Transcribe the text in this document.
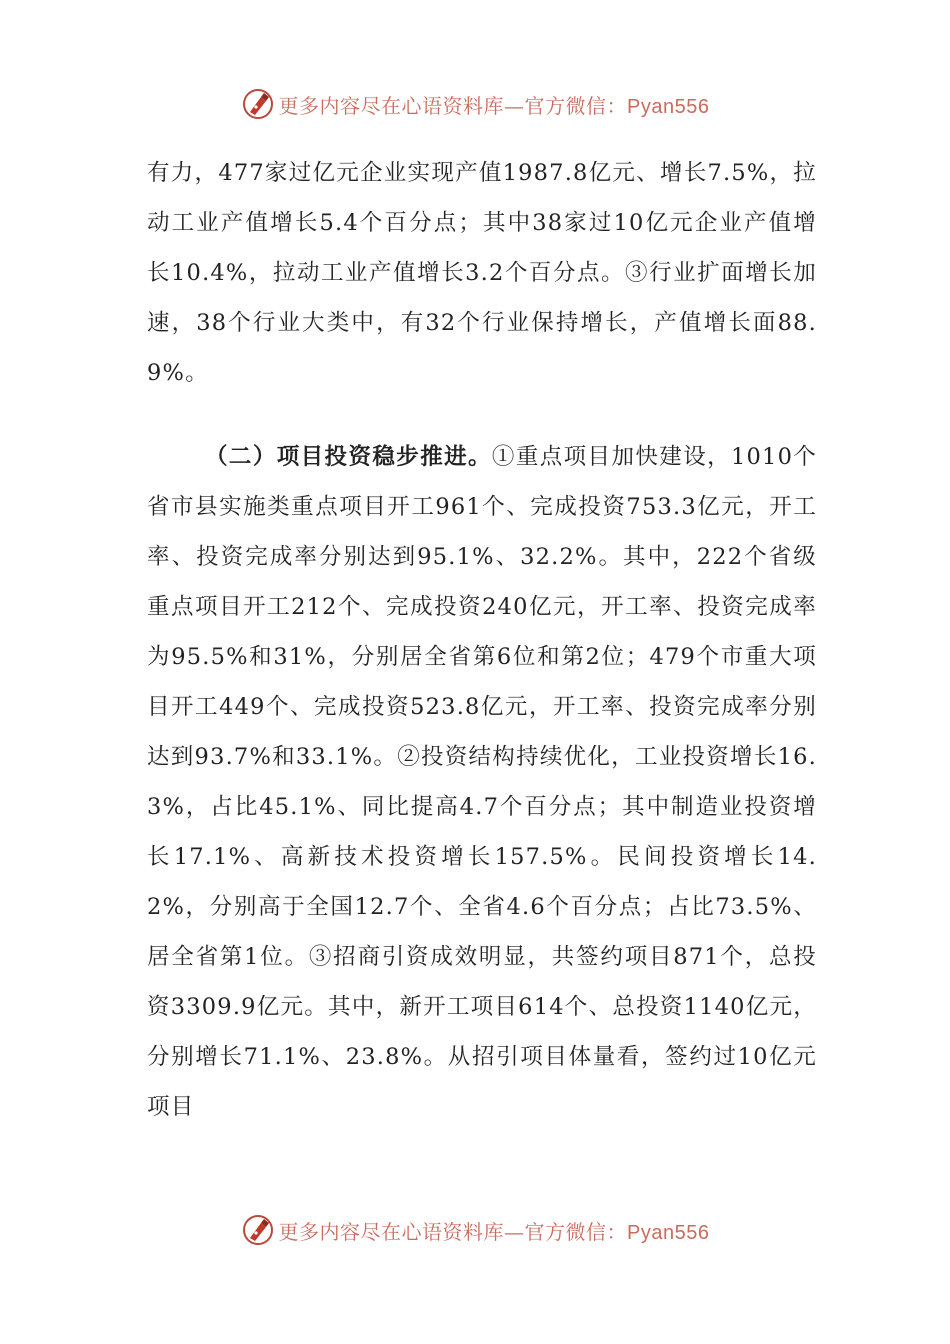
更多内容尽在心语资料库—官方微信：Pyan556

有力，477家过亿元企业实现产值1987.8亿元、增长7.5%，拉动工业产值增长5.4个百分点；其中38家过10亿元企业产值增长10.4%，拉动工业产值增长3.2个百分点。③行业扩面增长加速，38个行业大类中，有32个行业保持增长，产值增长面88.9%。

（二）项目投资稳步推进。①重点项目加快建设，1010个省市县实施类重点项目开工961个、完成投资753.3亿元，开工率、投资完成率分别达到95.1%、32.2%。其中，222个省级重点项目开工212个、完成投资240亿元，开工率、投资完成率为95.5%和31%，分别居全省第6位和第2位；479个市重大项目开工449个、完成投资523.8亿元，开工率、投资完成率分别达到93.7%和33.1%。②投资结构持续优化，工业投资增长16.3%，占比45.1%、同比提高4.7个百分点；其中制造业投资增长17.1%、高新技术投资增长157.5%。民间投资增长14.2%，分别高于全国12.7个、全省4.6个百分点；占比73.5%、居全省第1位。③招商引资成效明显，共签约项目871个，总投资3309.9亿元。其中，新开工项目614个、总投资1140亿元，分别增长71.1%、23.8%。从招引项目体量看，签约过10亿元项目

更多内容尽在心语资料库—官方微信：Pyan556
